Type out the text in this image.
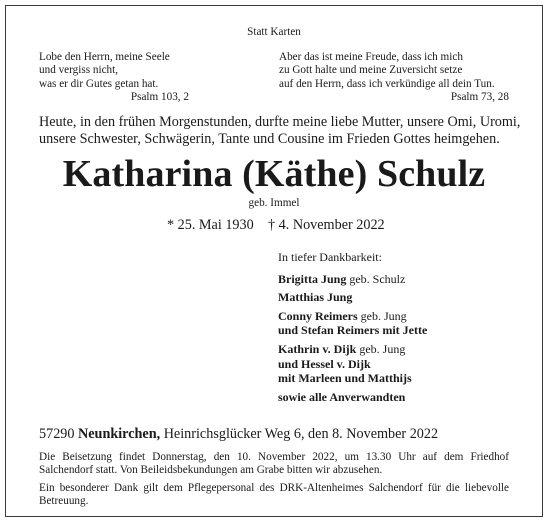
Statt Karten
Lobe den Herrn, meine Seele
und vergiss nicht,
was er dir Gutes getan hat.
Psalm 103, 2
Aber das ist meine Freude, dass ich mich
zu Gott halte und meine Zuversicht setze
auf den Herrn, dass ich verkündige all dein Tun.
Psalm 73, 28
Heute, in den frühen Morgenstunden, durfte meine liebe Mutter, unsere Omi, Uromi,
unsere Schwester, Schwägerin, Tante und Cousine im Frieden Gottes heimgehen.
Katharina (Käthe) Schulz
geb. Immel
* 25. Mai 1930 † 4. November 2022
In tiefer Dankbarkeit:
Brigitta Jung geb. Schulz
Matthias Jung
Conny Reimers geb. Jung
und Stefan Reimers mit Jette
Kathrin v. Dijk geb. Jung
und Hessel v. Dijk
mit Marleen und Matthijs
sowie alle Anverwandten
57290 Neunkirchen, Heinrichsglücker Weg 6, den 8. November 2022
Die Beisetzung findet Donnerstag, den 10. November 2022, um 13.30 Uhr auf dem Friedhof Salchendorf statt. Von Beileidsbekundungen am Grabe bitten wir abzusehen.
Ein besonderer Dank gilt dem Pflegepersonal des DRK-Altenheimes Salchendorf für die liebevolle Betreuung.
